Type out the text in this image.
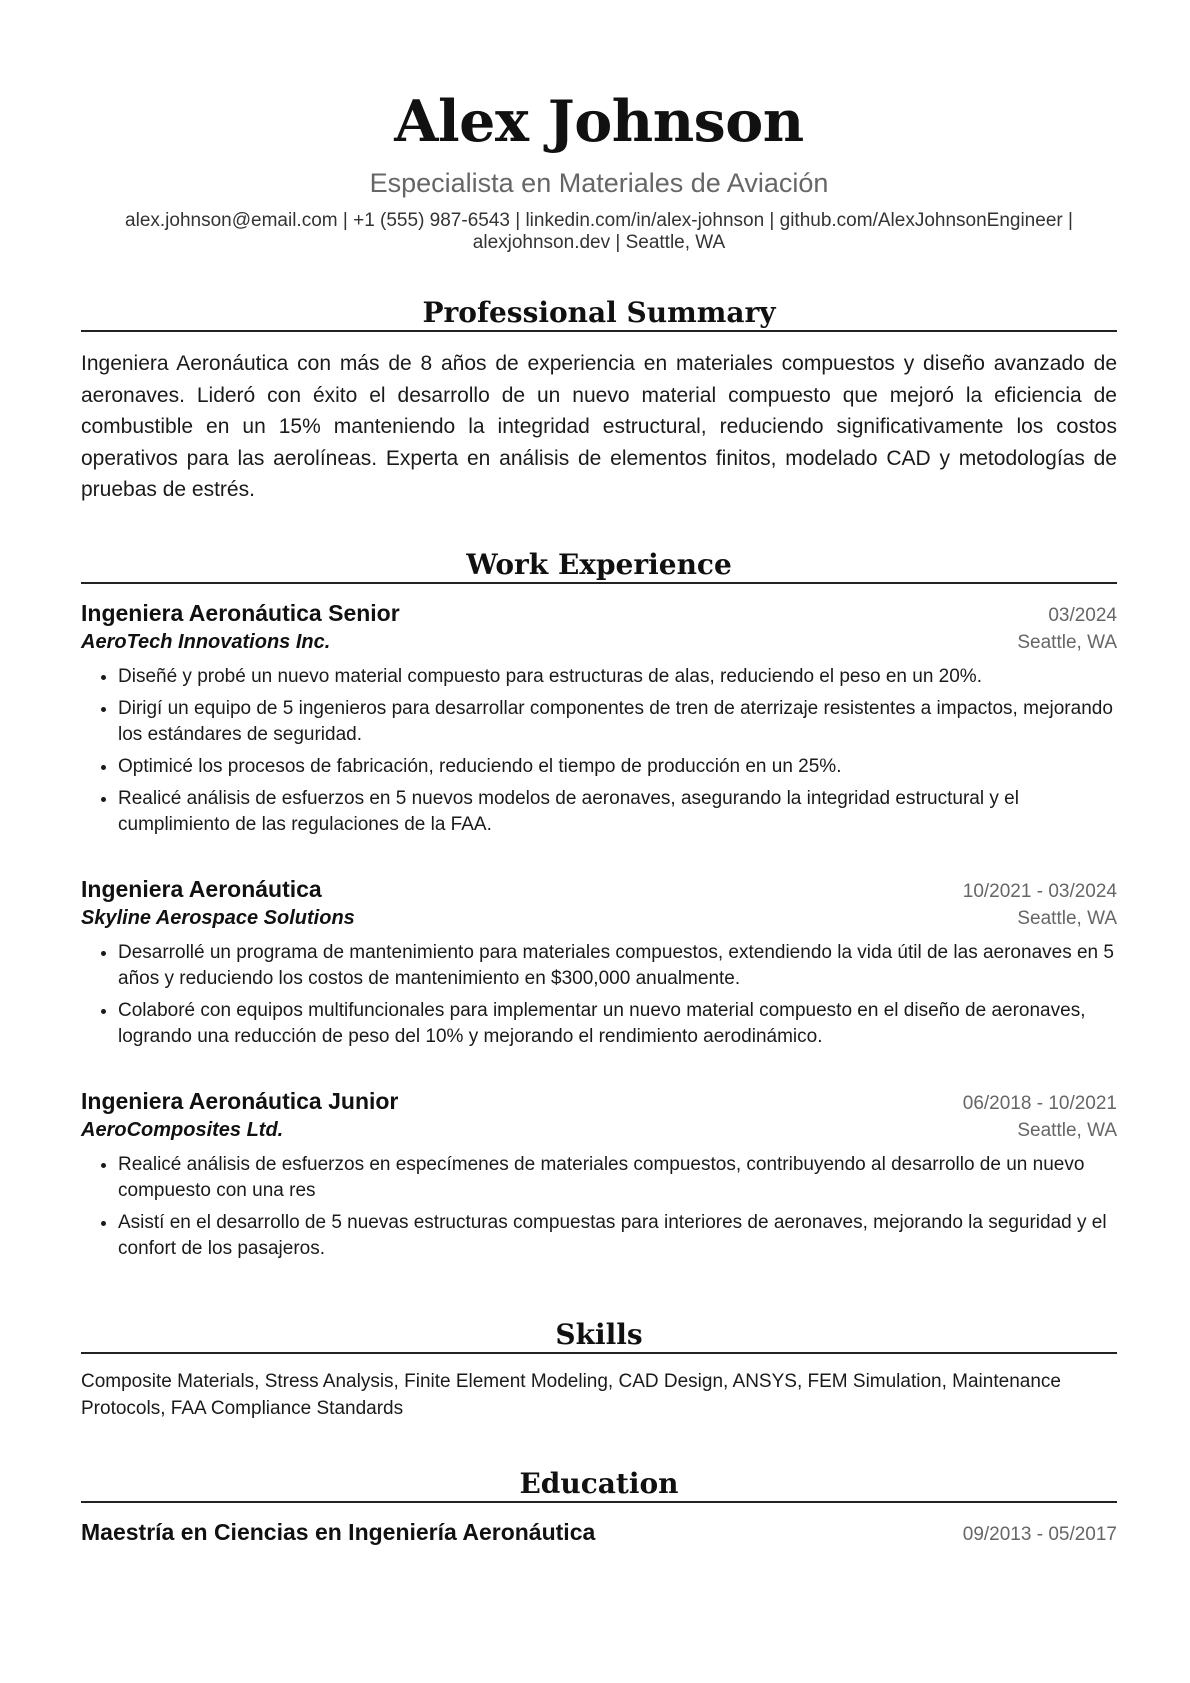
Alex Johnson
Especialista en Materiales de Aviación
alex.johnson@email.com | +1 (555) 987-6543 | linkedin.com/in/alex-johnson | github.com/AlexJohnsonEngineer | alexjohnson.dev | Seattle, WA
Professional Summary
Ingeniera Aeronáutica con más de 8 años de experiencia en materiales compuestos y diseño avanzado de aeronaves. Lideró con éxito el desarrollo de un nuevo material compuesto que mejoró la eficiencia de combustible en un 15% manteniendo la integridad estructural, reduciendo significativamente los costos operativos para las aerolíneas. Experta en análisis de elementos finitos, modelado CAD y metodologías de pruebas de estrés.
Work Experience
Ingeniera Aeronáutica Senior	03/2024
AeroTech Innovations Inc.	Seattle, WA
• Diseñé y probé un nuevo material compuesto para estructuras de alas, reduciendo el peso en un 20%.
• Dirigí un equipo de 5 ingenieros para desarrollar componentes de tren de aterrizaje resistentes a impactos, mejorando los estándares de seguridad.
• Optimicé los procesos de fabricación, reduciendo el tiempo de producción en un 25%.
• Realicé análisis de esfuerzos en 5 nuevos modelos de aeronaves, asegurando la integridad estructural y el cumplimiento de las regulaciones de la FAA.
Ingeniera Aeronáutica	10/2021 - 03/2024
Skyline Aerospace Solutions	Seattle, WA
• Desarrollé un programa de mantenimiento para materiales compuestos, extendiendo la vida útil de las aeronaves en 5 años y reduciendo los costos de mantenimiento en $300,000 anualmente.
• Colaboré con equipos multifuncionales para implementar un nuevo material compuesto en el diseño de aeronaves, logrando una reducción de peso del 10% y mejorando el rendimiento aerodinámico.
Ingeniera Aeronáutica Junior	06/2018 - 10/2021
AeroComposites Ltd.	Seattle, WA
• Realicé análisis de esfuerzos en especímenes de materiales compuestos, contribuyendo al desarrollo de un nuevo compuesto con una res
• Asistí en el desarrollo de 5 nuevas estructuras compuestas para interiores de aeronaves, mejorando la seguridad y el confort de los pasajeros.
Skills
Composite Materials, Stress Analysis, Finite Element Modeling, CAD Design, ANSYS, FEM Simulation, Maintenance Protocols, FAA Compliance Standards
Education
Maestría en Ciencias en Ingeniería Aeronáutica	09/2013 - 05/2017
